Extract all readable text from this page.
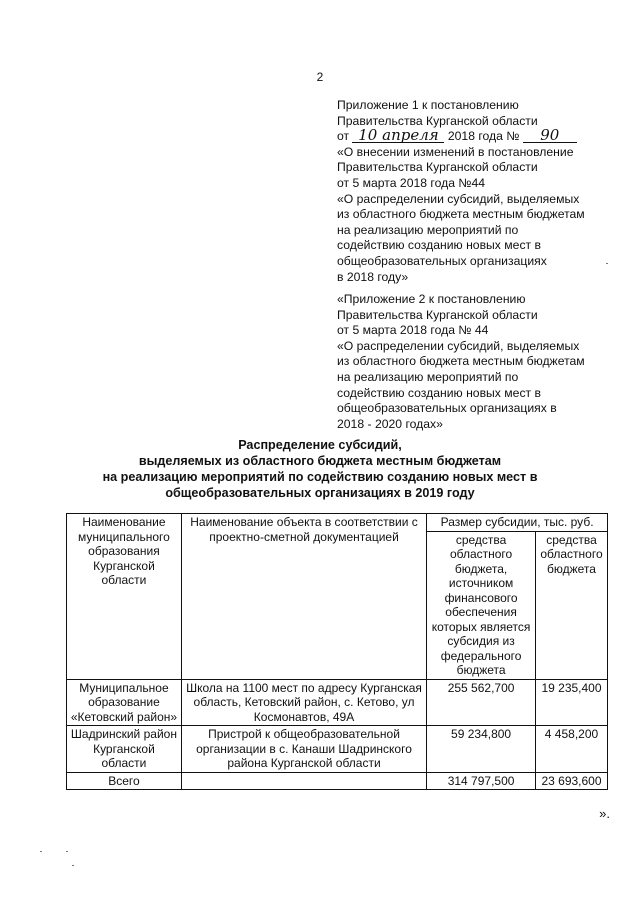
2
Приложение 1 к постановлению
Правительства Курганской области
от 10 апреля 2018 года № 90
«О внесении изменений в постановление
Правительства Курганской области
от 5 марта 2018 года №44
«О распределении субсидий, выделяемых
из областного бюджета местным бюджетам
на реализацию мероприятий по
содействию созданию новых мест в
общеобразовательных организациях
в 2018 году»
«Приложение 2 к постановлению
Правительства Курганской области
от 5 марта 2018 года № 44
«О распределении субсидий, выделяемых
из областного бюджета местным бюджетам
на реализацию мероприятий по
содействию созданию новых мест в
общеобразовательных организациях в
2018 - 2020 годах»
Распределение субсидий,
выделяемых из областного бюджета местным бюджетам
на реализацию мероприятий по содействию созданию новых мест в
общеобразовательных организациях в 2019 году
Наименование муниципального образования Курганской области	Наименование объекта в соответствии с проектно-сметной документацией	Размер субсидии, тыс. руб.	
		средства областного бюджета, источником финансового обеспечения которых является субсидия из федерального бюджета	средства областного бюджета
Муниципальное образование «Кетовский район»	Школа на 1100 мест по адресу Курганская область, Кетовский район, с. Кетово, ул Космонавтов, 49А	255 562,700	19 235,400
Шадринский район Курганской области	Пристрой к общеобразовательной организации в с. Канаши Шадринского района Курганской области	59 234,800	4 458,200
Всего		314 797,500	23 693,600
».
